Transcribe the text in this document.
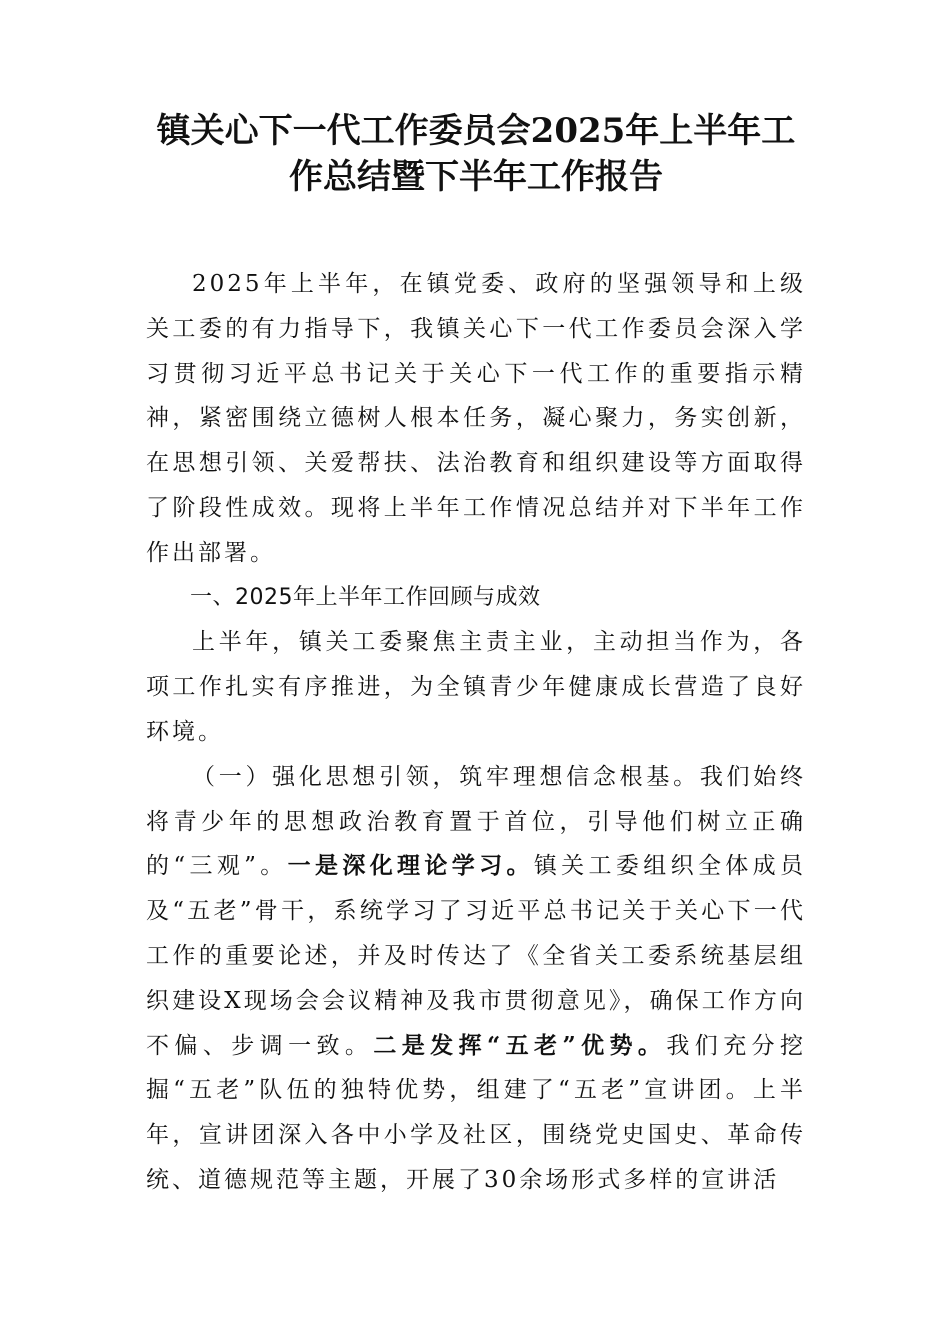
镇关心下一代工作委员会2025年上半年工
作总结暨下半年工作报告

2025年上半年，在镇党委、政府的坚强领导和上级关工委的有力指导下，我镇关心下一代工作委员会深入学习贯彻习近平总书记关于关心下一代工作的重要指示精神，紧密围绕立德树人根本任务，凝心聚力，务实创新，在思想引领、关爱帮扶、法治教育和组织建设等方面取得了阶段性成效。现将上半年工作情况总结并对下半年工作作出部署。

一、2025年上半年工作回顾与成效

上半年，镇关工委聚焦主责主业，主动担当作为，各项工作扎实有序推进，为全镇青少年健康成长营造了良好环境。

（一）强化思想引领，筑牢理想信念根基。我们始终将青少年的思想政治教育置于首位，引导他们树立正确的“三观”。一是深化理论学习。镇关工委组织全体成员及“五老”骨干，系统学习了习近平总书记关于关心下一代工作的重要论述，并及时传达了《全省关工委系统基层组织建设X现场会会议精神及我市贯彻意见》，确保工作方向不偏、步调一致。二是发挥“五老”优势。我们充分挖掘“五老”队伍的独特优势，组建了“五老”宣讲团。上半年，宣讲团深入各中小学及社区，围绕党史国史、革命传统、道德规范等主题，开展了30余场形式多样的宣讲活
